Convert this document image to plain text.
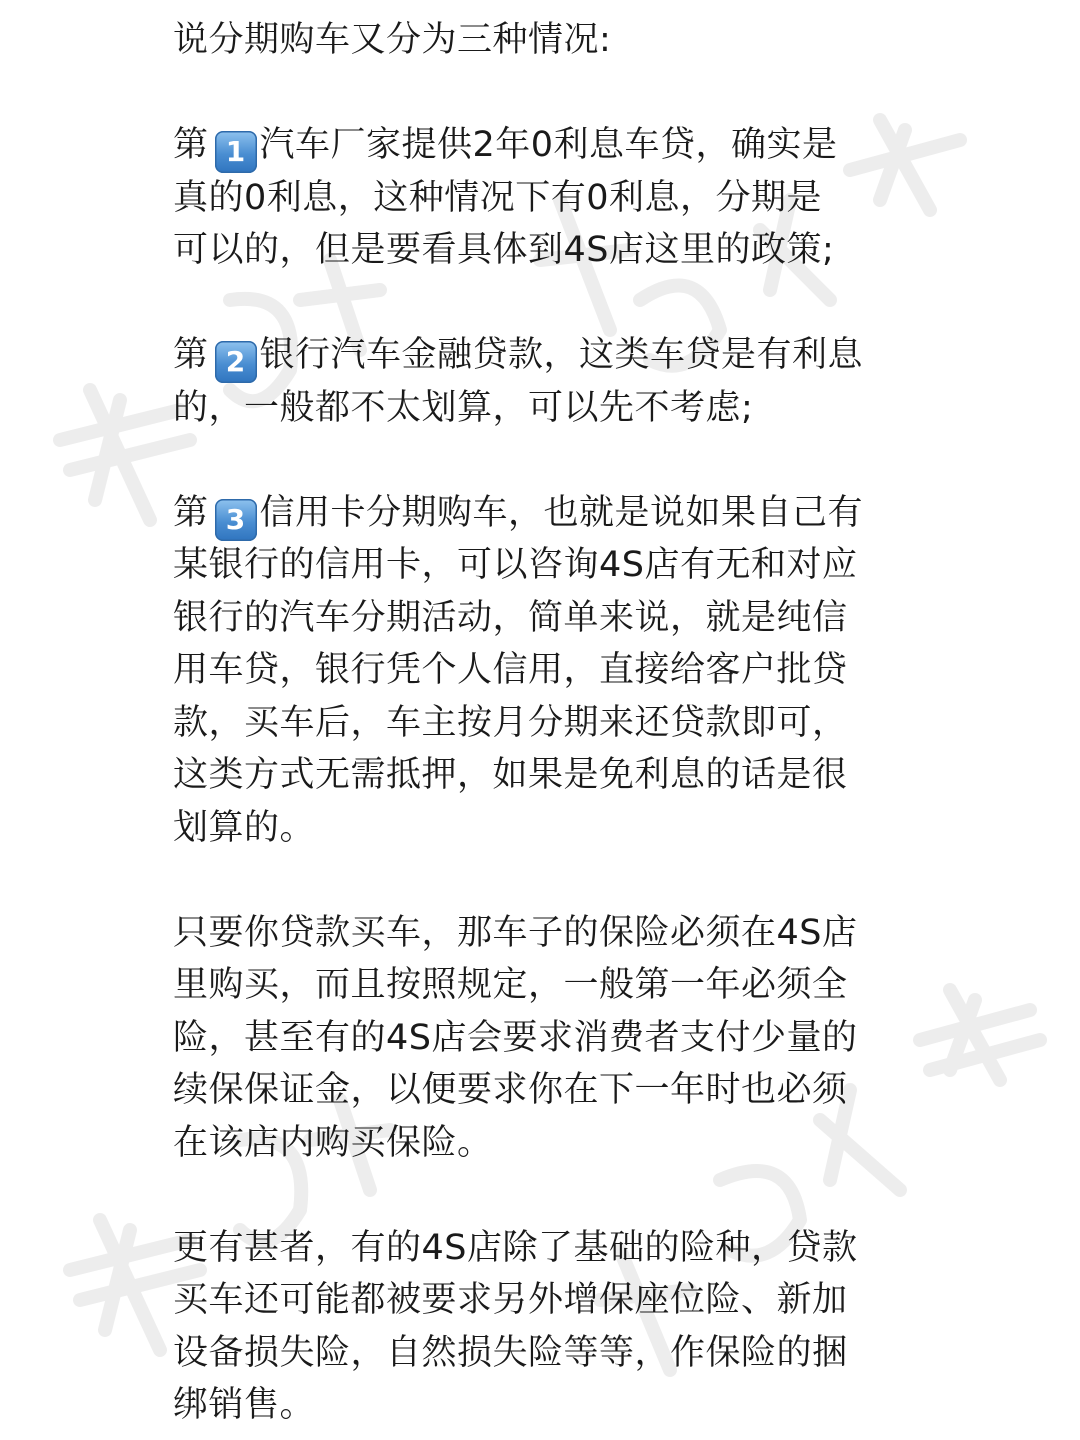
说分期购车又分为三种情况:
第 1 汽车厂家提供2年0利息车贷，确实是
真的0利息，这种情况下有0利息，分期是
可以的，但是要看具体到4S店这里的政策;
第 2 银行汽车金融贷款，这类车贷是有利息
的，一般都不太划算，可以先不考虑;
第 3 信用卡分期购车，也就是说如果自己有
某银行的信用卡，可以咨询4S店有无和对应
银行的汽车分期活动，简单来说，就是纯信
用车贷，银行凭个人信用，直接给客户批贷
款，买车后，车主按月分期来还贷款即可，
这类方式无需抵押，如果是免利息的话是很
划算的。
只要你贷款买车，那车子的保险必须在4S店
里购买，而且按照规定，一般第一年必须全
险，甚至有的4S店会要求消费者支付少量的
续保保证金，以便要求你在下一年时也必须
在该店内购买保险。
更有甚者，有的4S店除了基础的险种，贷款
买车还可能都被要求另外增保座位险、新加
设备损失险，自然损失险等等，作保险的捆
绑销售。
